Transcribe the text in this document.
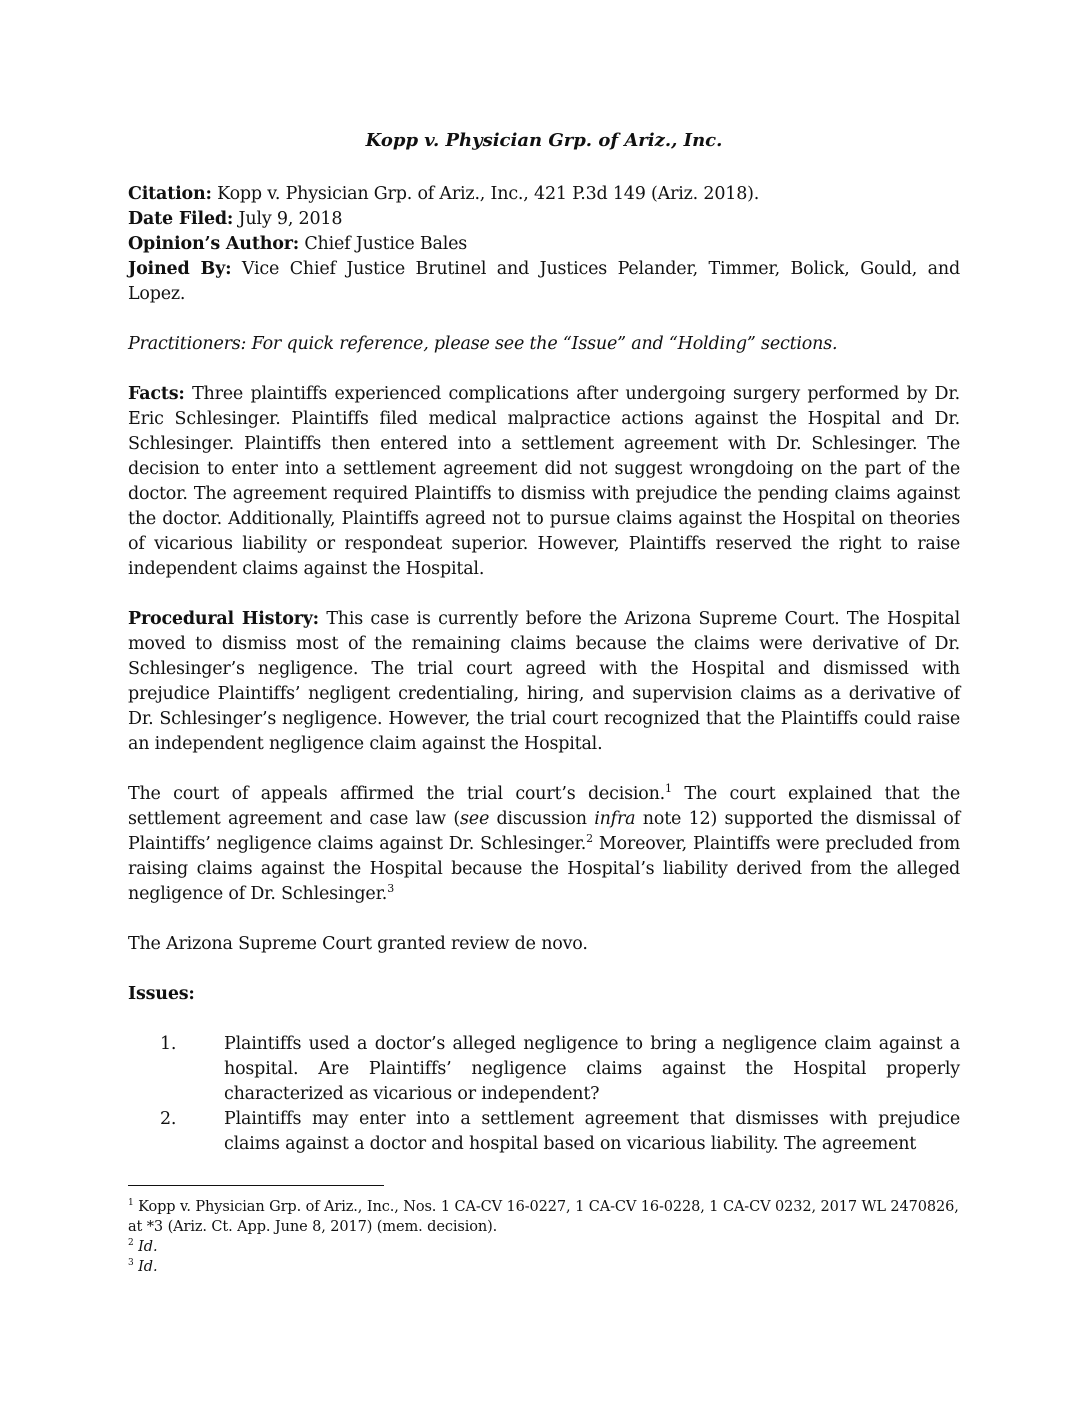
Kopp v. Physician Grp. of Ariz., Inc.

Citation: Kopp v. Physician Grp. of Ariz., Inc., 421 P.3d 149 (Ariz. 2018).

Date Filed: July 9, 2018

Opinion’s Author: Chief Justice Bales

Joined By: Vice Chief Justice Brutinel and Justices Pelander, Timmer, Bolick, Gould, and Lopez.

Practitioners: For quick reference, please see the “Issue” and “Holding” sections.

Facts: Three plaintiffs experienced complications after undergoing surgery performed by Dr. Eric Schlesinger. Plaintiffs filed medical malpractice actions against the Hospital and Dr. Schlesinger. Plaintiffs then entered into a settlement agreement with Dr. Schlesinger. The decision to enter into a settlement agreement did not suggest wrongdoing on the part of the doctor. The agreement required Plaintiffs to dismiss with prejudice the pending claims against the doctor. Additionally, Plaintiffs agreed not to pursue claims against the Hospital on theories of vicarious liability or respondeat superior. However, Plaintiffs reserved the right to raise independent claims against the Hospital.

Procedural History: This case is currently before the Arizona Supreme Court. The Hospital moved to dismiss most of the remaining claims because the claims were derivative of Dr. Schlesinger’s negligence. The trial court agreed with the Hospital and dismissed with prejudice Plaintiffs’ negligent credentialing, hiring, and supervision claims as a derivative of Dr. Schlesinger’s negligence. However, the trial court recognized that the Plaintiffs could raise an independent negligence claim against the Hospital.

The court of appeals affirmed the trial court’s decision.$^1$ The court explained that the settlement agreement and case law (see discussion infra note 12) supported the dismissal of Plaintiffs’ negligence claims against Dr. Schlesinger.$^2$ Moreover, Plaintiffs were precluded from raising claims against the Hospital because the Hospital’s liability derived from the alleged negligence of Dr. Schlesinger.$^3$

The Arizona Supreme Court granted review de novo.

Issues:

1.	Plaintiffs used a doctor’s alleged negligence to bring a negligence claim against a hospital. Are Plaintiffs’ negligence claims against the Hospital properly characterized as vicarious or independent?
2.	Plaintiffs may enter into a settlement agreement that dismisses with prejudice claims against a doctor and hospital based on vicarious liability. The agreement

$^1$ Kopp v. Physician Grp. of Ariz., Inc., Nos. 1 CA-CV 16-0227, 1 CA-CV 16-0228, 1 CA-CV 0232, 2017 WL 2470826, at *3 (Ariz. Ct. App. June 8, 2017) (mem. decision).

$^2$ Id.

$^3$ Id.
